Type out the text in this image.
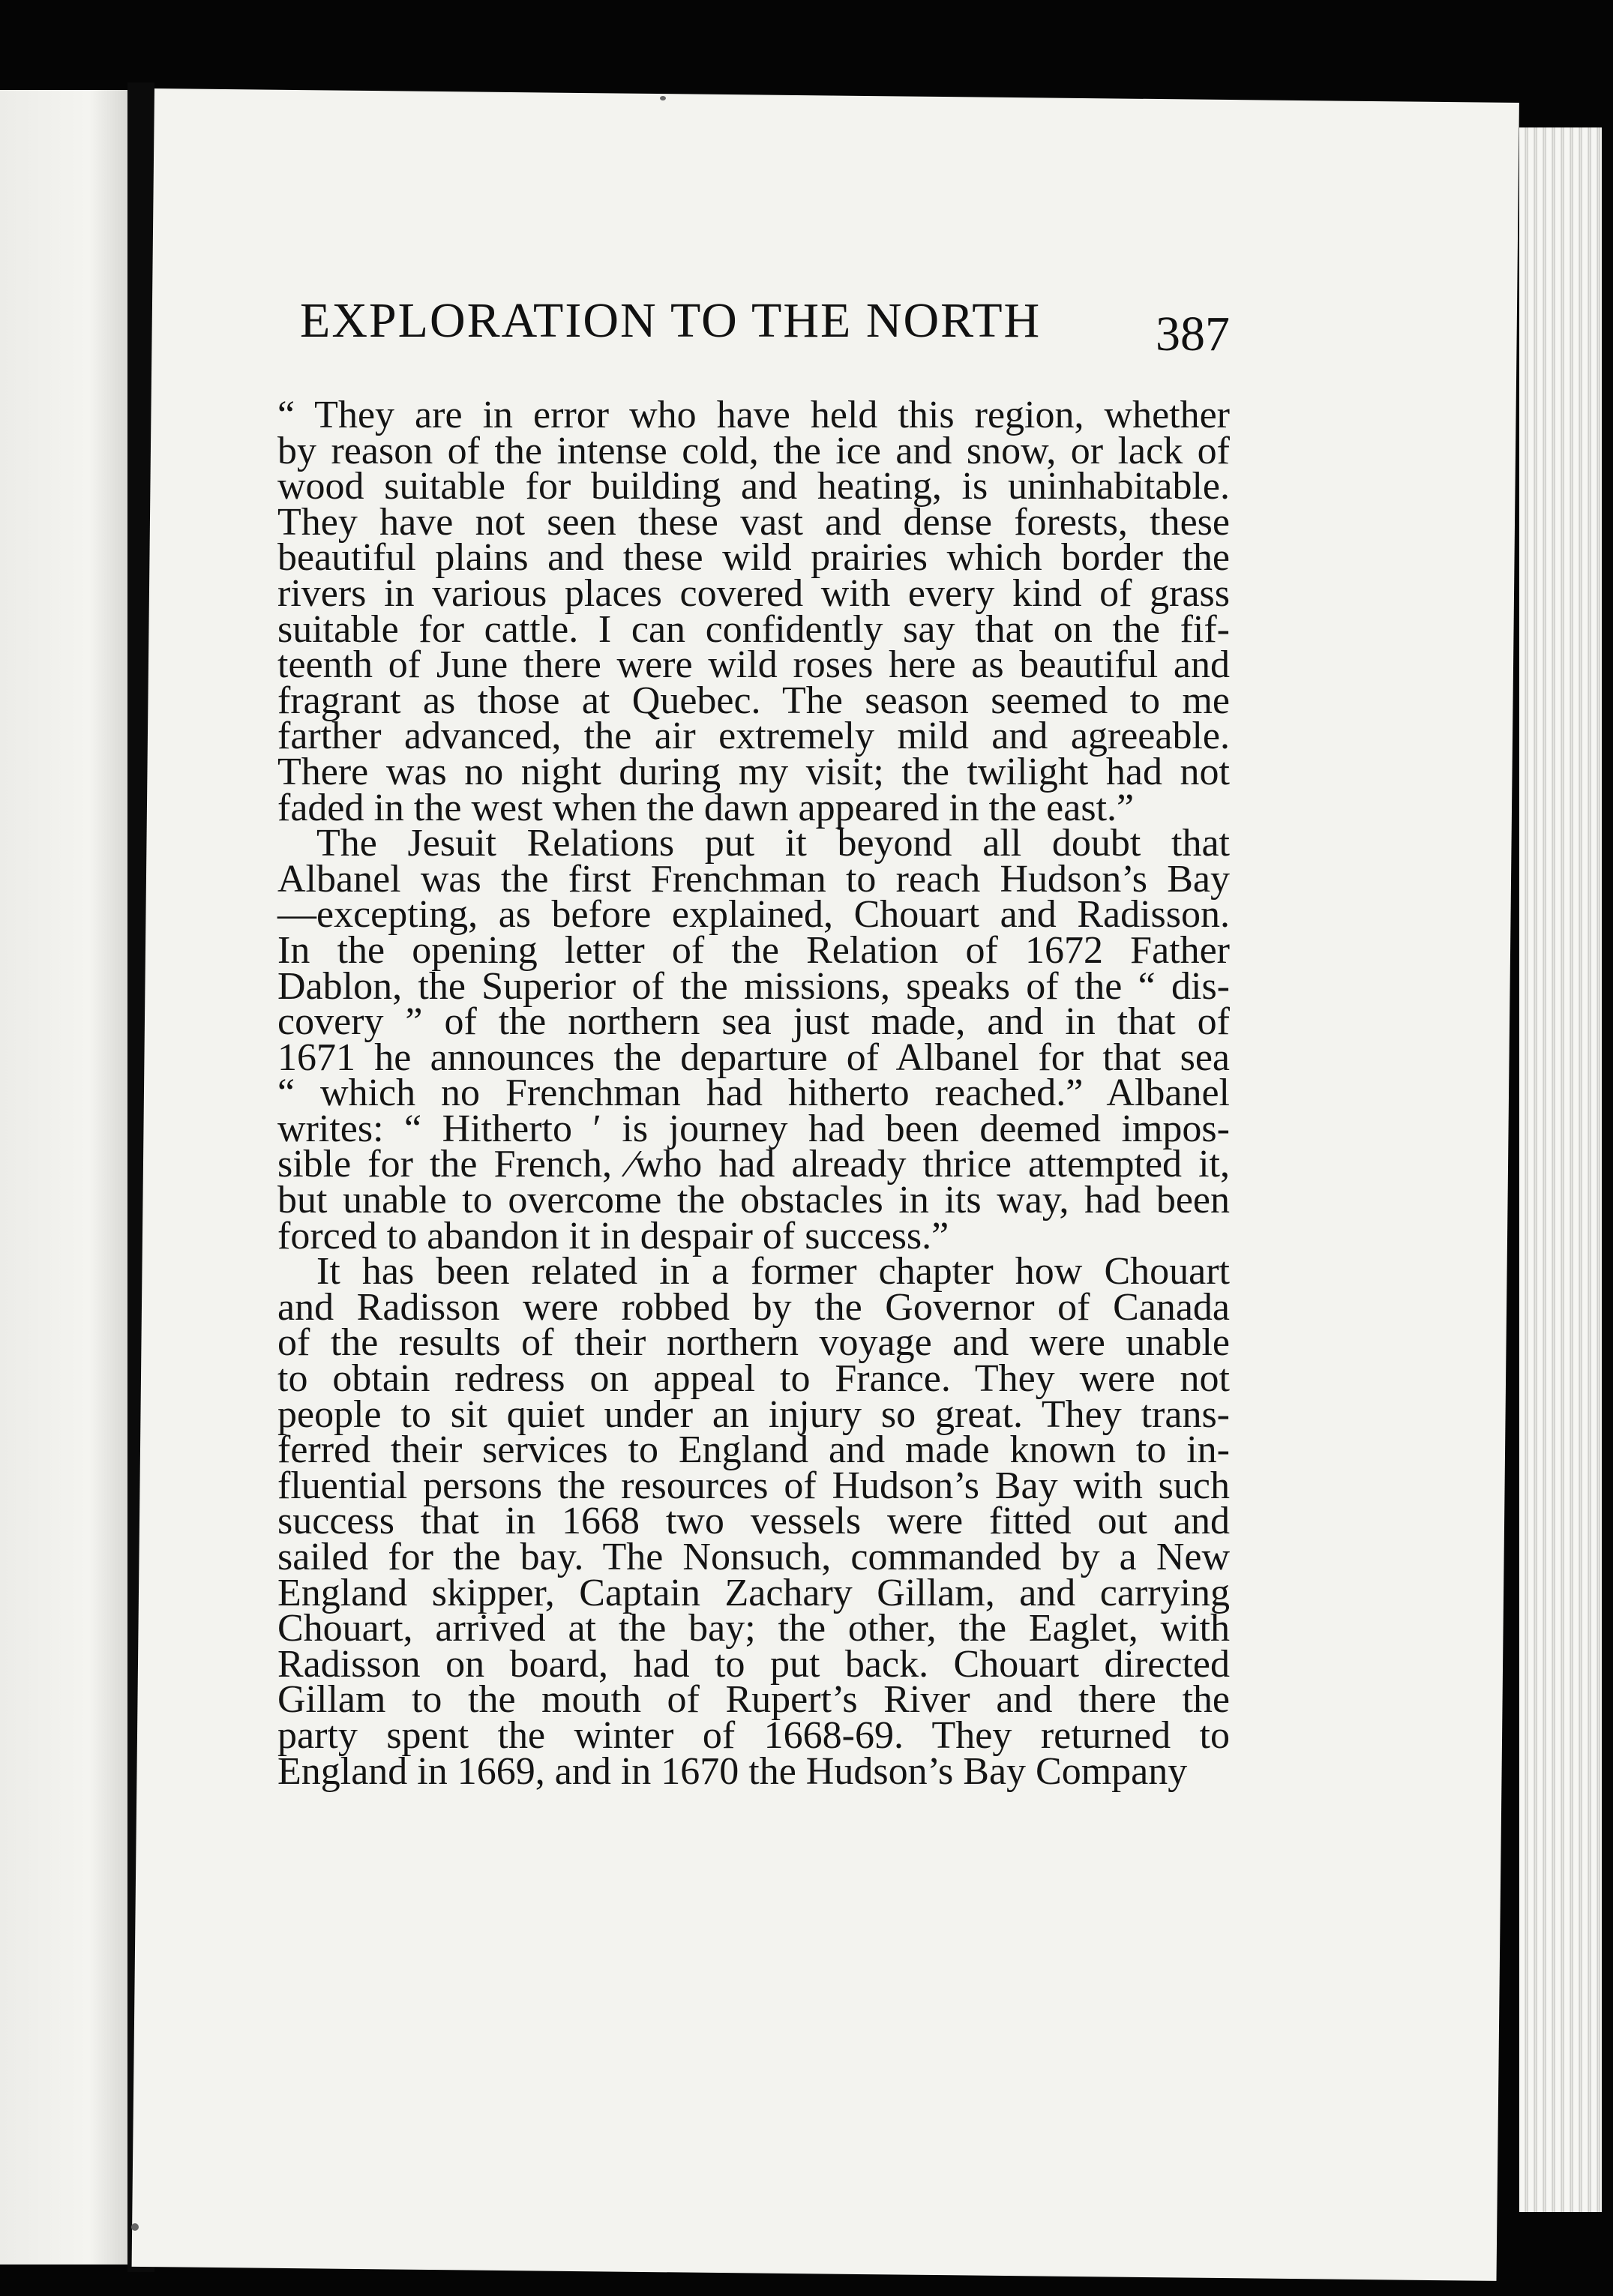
EXPLORATION TO THE NORTH 387
“ They are in error who have held this region, whether
by reason of the intense cold, the ice and snow, or lack of
wood suitable for building and heating, is uninhabitable.
They have not seen these vast and dense forests, these
beautiful plains and these wild prairies which border the
rivers in various places covered with every kind of grass
suitable for cattle. I can confidently say that on the fif-
teenth of June there were wild roses here as beautiful and
fragrant as those at Quebec. The season seemed to me
farther advanced, the air extremely mild and agreeable.
There was no night during my visit; the twilight had not
faded in the west when the dawn appeared in the east.”
The Jesuit Relations put it beyond all doubt that
Albanel was the first Frenchman to reach Hudson’s Bay
—excepting, as before explained, Chouart and Radisson.
In the opening letter of the Relation of 1672 Father
Dablon, the Superior of the missions, speaks of the “ dis-
covery ” of the northern sea just made, and in that of
1671 he announces the departure of Albanel for that sea
“ which no Frenchman had hitherto reached.” Albanel
writes: “ Hitherto ′ is journey had been deemed impos-
sible for the French, ⁄who had already thrice attempted it,
but unable to overcome the obstacles in its way, had been
forced to abandon it in despair of success.”
It has been related in a former chapter how Chouart
and Radisson were robbed by the Governor of Canada
of the results of their northern voyage and were unable
to obtain redress on appeal to France. They were not
people to sit quiet under an injury so great. They trans-
ferred their services to England and made known to in-
fluential persons the resources of Hudson’s Bay with such
success that in 1668 two vessels were fitted out and
sailed for the bay. The Nonsuch, commanded by a New
England skipper, Captain Zachary Gillam, and carrying
Chouart, arrived at the bay; the other, the Eaglet, with
Radisson on board, had to put back. Chouart directed
Gillam to the mouth of Rupert’s River and there the
party spent the winter of 1668-69. They returned to
England in 1669, and in 1670 the Hudson’s Bay Company
